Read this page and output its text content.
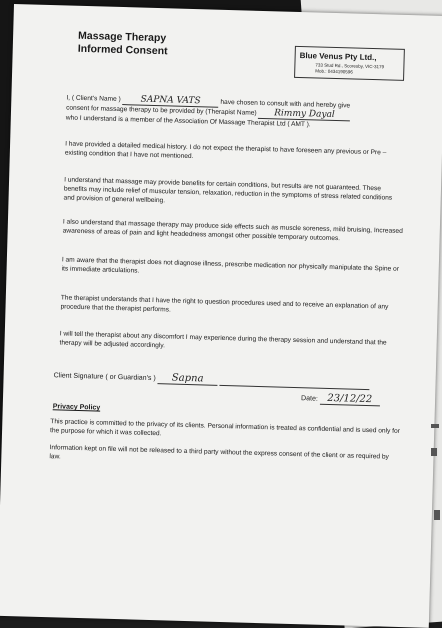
Massage Therapy
Informed Consent	Blue Venus Pty Ltd.,
733 Stud Rd., Scoresby, VIC-3179
Mob.: 0434190596
I, ( Client's Name ) SAPNA VATS	have chosen to consult with and hereby give
consent for massage therapy to be provided by (Therapist Name) Rimmy Dayal
who I understand is a member of the Association Of Massage Therapist Ltd ( AMT ).
I have provided a detailed medical history. I do not expect the therapist to have foreseen any previous or Pre – existing condition that I have not mentioned.
I understand that massage may provide benefits for certain conditions, but results are not guaranteed. These benefits may include relief of muscular tension, relaxation, reduction in the symptoms of stress related conditions and provision of general wellbeing.
I also understand that massage therapy may produce side effects such as muscle soreness, mild bruising, Increased awareness of areas of pain and light headedness amongst other possible temporary outcomes.
I am aware that the therapist does not diagnose illness, prescribe medication nor physically manipulate the Spine or its immediate articulations.
The therapist understands that I have the right to question procedures used and to receive an explanation of any procedure that the therapist performs.
I will tell the therapist about any discomfort I may experience during the therapy session and understand that the therapy will be adjusted accordingly.
Client Signature ( or Guardian's ) Sapna
Date: 23/12/22
Privacy Policy
This practice is committed to the privacy of its clients. Personal information is treated as confidential and is used only for the purpose for which it was collected.
Information kept on file will not be released to a third party without the express consent of the client or as required by law.
